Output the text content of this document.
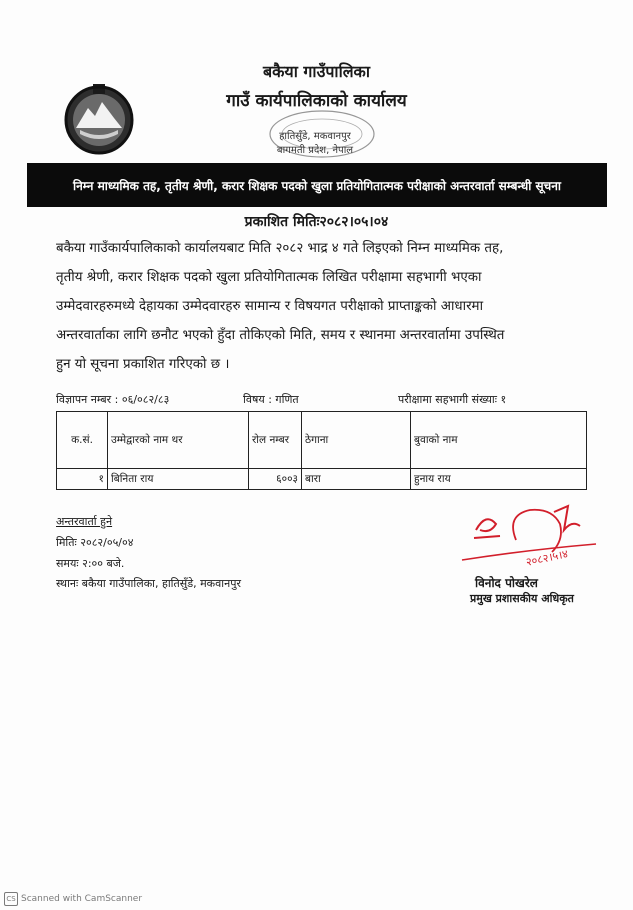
बकैया गाउँपालिका
गाउँ कार्यपालिकाको कार्यालय
हातिसुँडे, मकवानपुर
बागमती प्रदेश, नेपाल
निम्न माध्यमिक तह, तृतीय श्रेणी, करार शिक्षक पदको खुला प्रतियोगितात्मक परीक्षाको अन्तरवार्ता सम्बन्धी सूचना
प्रकाशित मितिः२०८२।०५।०४
बकैया गाउँकार्यपालिकाको कार्यालयबाट मिति २०८२ भाद्र ४ गते लिइएको निम्न माध्यमिक तह,
तृतीय श्रेणी, करार शिक्षक पदको खुला प्रतियोगितात्मक लिखित परीक्षामा सहभागी भएका
उम्मेदवारहरुमध्ये देहायका उम्मेदवारहरु सामान्य र विषयगत परीक्षाको प्राप्ताङ्कको आधारमा
अन्तरवार्ताका लागि छनौट भएको हुँदा तोकिएको मिति, समय र स्थानमा अन्तरवार्तामा उपस्थित
हुन यो सूचना प्रकाशित गरिएको छ ।
विज्ञापन नम्बर : ०६/०८२/८३	विषय : गणित	परीक्षामा सहभागी संख्याः १
क.सं.	उम्मेद्वारको नाम थर	रोल नम्बर	ठेगाना	बुवाको नाम
१	बिनिता राय	६००३	बारा	हुनाय राय
अन्तरवार्ता हुने
मितिः २०८२/०५/०४
समयः २:०० बजे.
स्थानः बकैया गाउँपालिका, हातिसुँडे, मकवानपुर
२०८२।५।४
विनोद पोखरेल
प्रमुख प्रशासकीय अधिकृत
CS Scanned with CamScanner
